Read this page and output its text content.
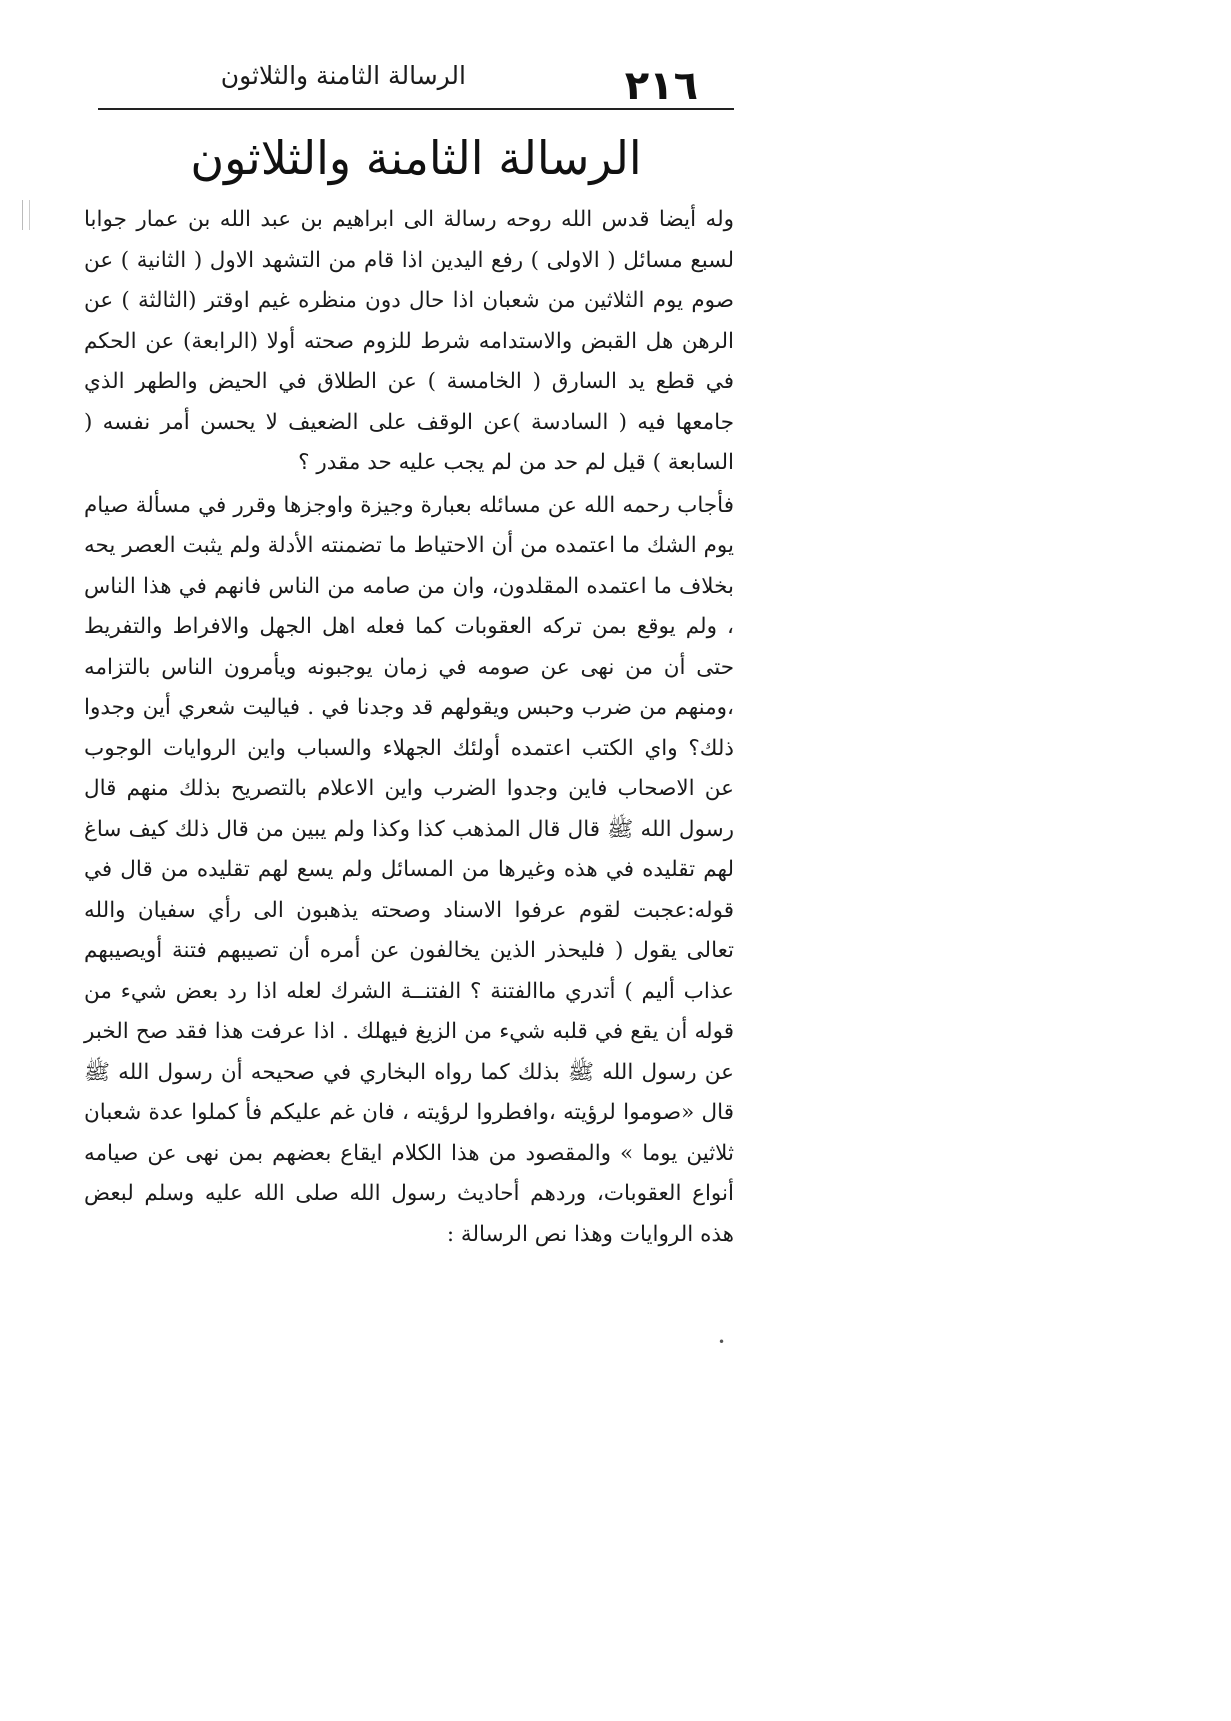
٢١٦
الرسالة الثامنة والثلاثون
الرسالة الثامنة والثلاثون

وله أيضا قدس الله روحه رسالة الى ابراهيم بن عبد الله بن عمار جوابا لسبع مسائل ( الاولى ) رفع اليدين اذا قام من التشهد الاول ( الثانية ) عن صوم يوم الثلاثين من شعبان اذا حال دون منظره غيم اوقتر (الثالثة ) عن الرهن هل القبض والاستدامه شرط للزوم صحته أولا (الرابعة) عن الحكم في قطع يد السارق ( الخامسة ) عن الطلاق في الحيض والطهر الذي جامعها فيه ( السادسة )عن الوقف على الضعيف لا يحسن أمر نفسه ( السابعة ) قيل لم حد من لم يجب عليه حد مقدر ؟

فأجاب رحمه الله عن مسائله بعبارة وجيزة واوجزها وقرر في مسألة صيام يوم الشك ما اعتمده من أن الاحتياط ما تضمنته الأدلة ولم يثبت العصر يحه بخلاف ما اعتمده المقلدون، وان من صامه من الناس فانهم في هذا الناس ، ولم يوقع بمن تركه العقوبات كما فعله اهل الجهل والافراط والتفريط حتى أن من نهى عن صومه في زمان يوجبونه ويأمرون الناس بالتزامه ،ومنهم من ضرب وحبس ويقولهم قد وجدنا في . فياليت شعري أين وجدوا ذلك؟ واي الكتب اعتمده أولئك الجهلاء والسباب واين الروايات الوجوب عن الاصحاب فاين وجدوا الضرب واين الاعلام بالتصريح بذلك منهم قال رسول الله ﷺ قال قال المذهب كذا وكذا ولم يبين من قال ذلك كيف ساغ لهم تقليده في هذه وغيرها من المسائل ولم يسع لهم تقليده من قال في قوله:عجبت لقوم عرفوا الاسناد وصحته يذهبون الى رأي سفيان والله تعالى يقول ( فليحذر الذين يخالفون عن أمره أن تصيبهم فتنة أويصيبهم عذاب أليم ) أتدري ماالفتنة ؟ الفتنــة الشرك لعله اذا رد بعض شيء من قوله أن يقع في قلبه شيء من الزيغ فيهلك . اذا عرفت هذا فقد صح الخبر عن رسول الله ﷺ بذلك كما رواه البخاري في صحيحه أن رسول الله ﷺ قال «صوموا لرؤيته ،وافطروا لرؤيته ، فان غم عليكم فأ كملوا عدة شعبان ثلاثين يوما » والمقصود من هذا الكلام ايقاع بعضهم بمن نهى عن صيامه أنواع العقوبات، وردهم أحاديث رسول الله صلى الله عليه وسلم لبعض هذه الروايات وهذا نص الرسالة :

•
